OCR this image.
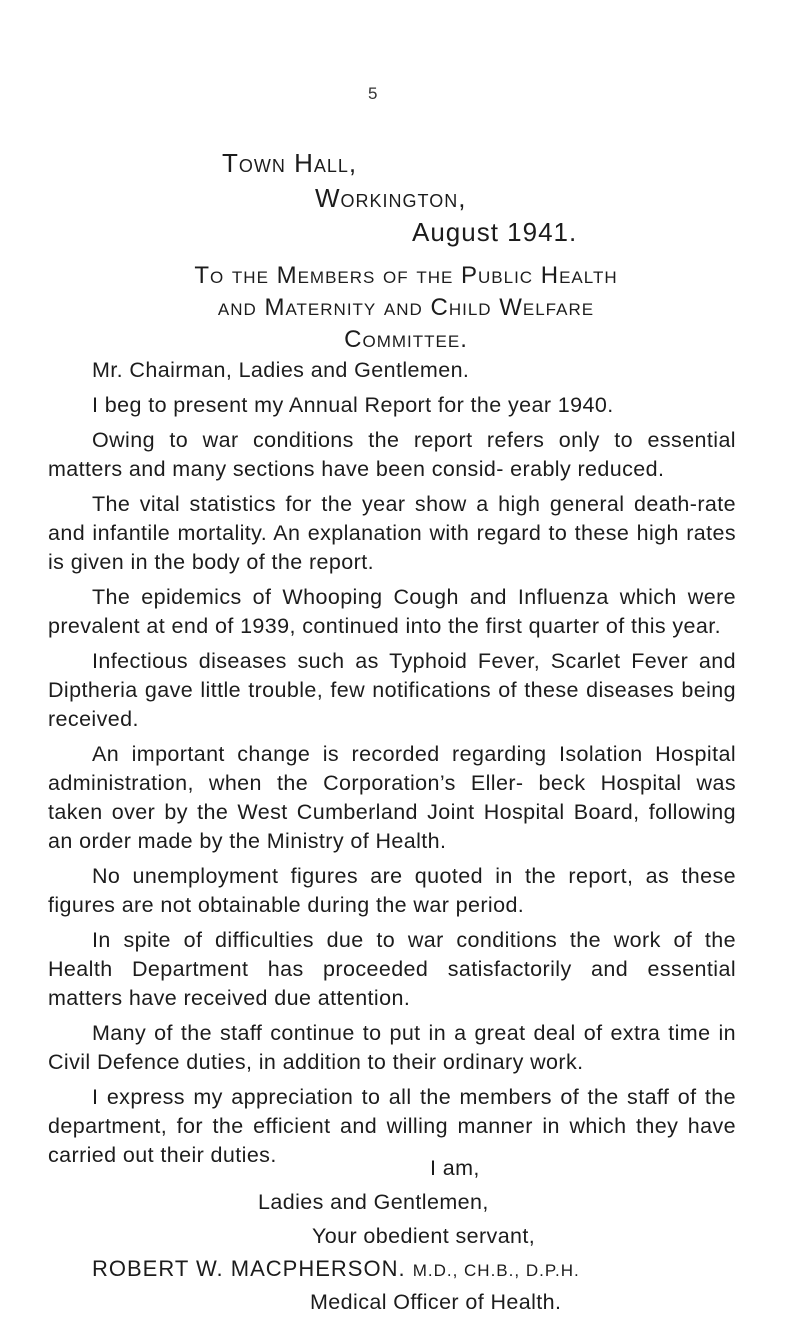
5
Town Hall,
Workington,
August 1941.
To the Members of the Public Health
and Maternity and Child Welfare
Committee.

Mr. Chairman, Ladies and Gentlemen.

I beg to present my Annual Report for the year 1940.

Owing to war conditions the report refers only to essential matters and many sections have been consid- erably reduced.

The vital statistics for the year show a high general death-rate and infantile mortality. An explanation with regard to these high rates is given in the body of the report.

The epidemics of Whooping Cough and Influenza which were prevalent at end of 1939, continued into the first quarter of this year.

Infectious diseases such as Typhoid Fever, Scarlet Fever and Diptheria gave little trouble, few notifications of these diseases being received.

An important change is recorded regarding Isolation Hospital administration, when the Corporation’s Eller- beck Hospital was taken over by the West Cumberland Joint Hospital Board, following an order made by the Ministry of Health.

No unemployment figures are quoted in the report, as these figures are not obtainable during the war period.

In spite of difficulties due to war conditions the work of the Health Department has proceeded satisfactorily and essential matters have received due attention.

Many of the staff continue to put in a great deal of extra time in Civil Defence duties, in addition to their ordinary work.

I express my appreciation to all the members of the staff of the department, for the efficient and willing manner in which they have carried out their duties.

I am,
Ladies and Gentlemen,
Your obedient servant,
ROBERT W. MACPHERSON. M.D., CH.B., D.P.H.
Medical Officer of Health.
